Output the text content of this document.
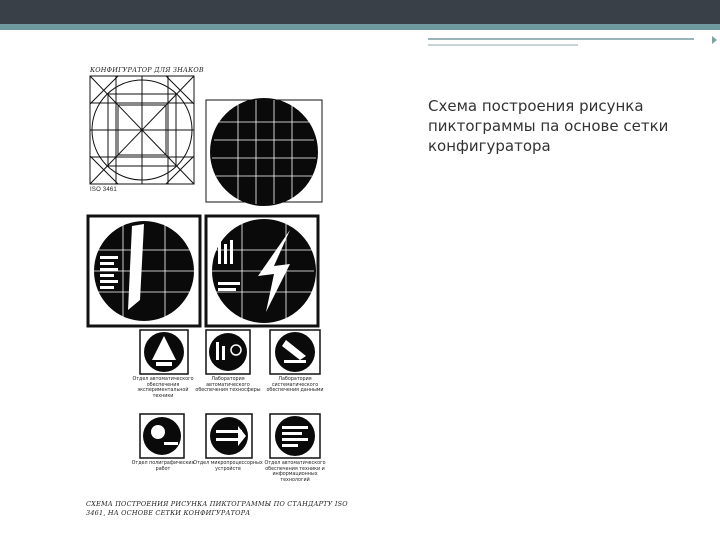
Схема построения рисунка пиктограммы па основе сетки конфигуратора
КОНФИГУРАТОР ДЛЯ ЗНАКОВ
ISO 3461
Отдел автоматического обеспечения экспериментальной техники
Лаборатория автоматического обеспечения техносферы
Лаборатория систематического обеспечения данными
Отдел полиграфических работ
Отдел микропроцессорных устройств
Отдел автоматического обеспечения техники и информационных технологий
СХЕМА ПОСТРОЕНИЯ РИСУНКА ПИКТОГРАММЫ ПО СТАНДАРТУ ISO 3461, НА ОСНОВЕ СЕТКИ КОНФИГУРАТОРА
